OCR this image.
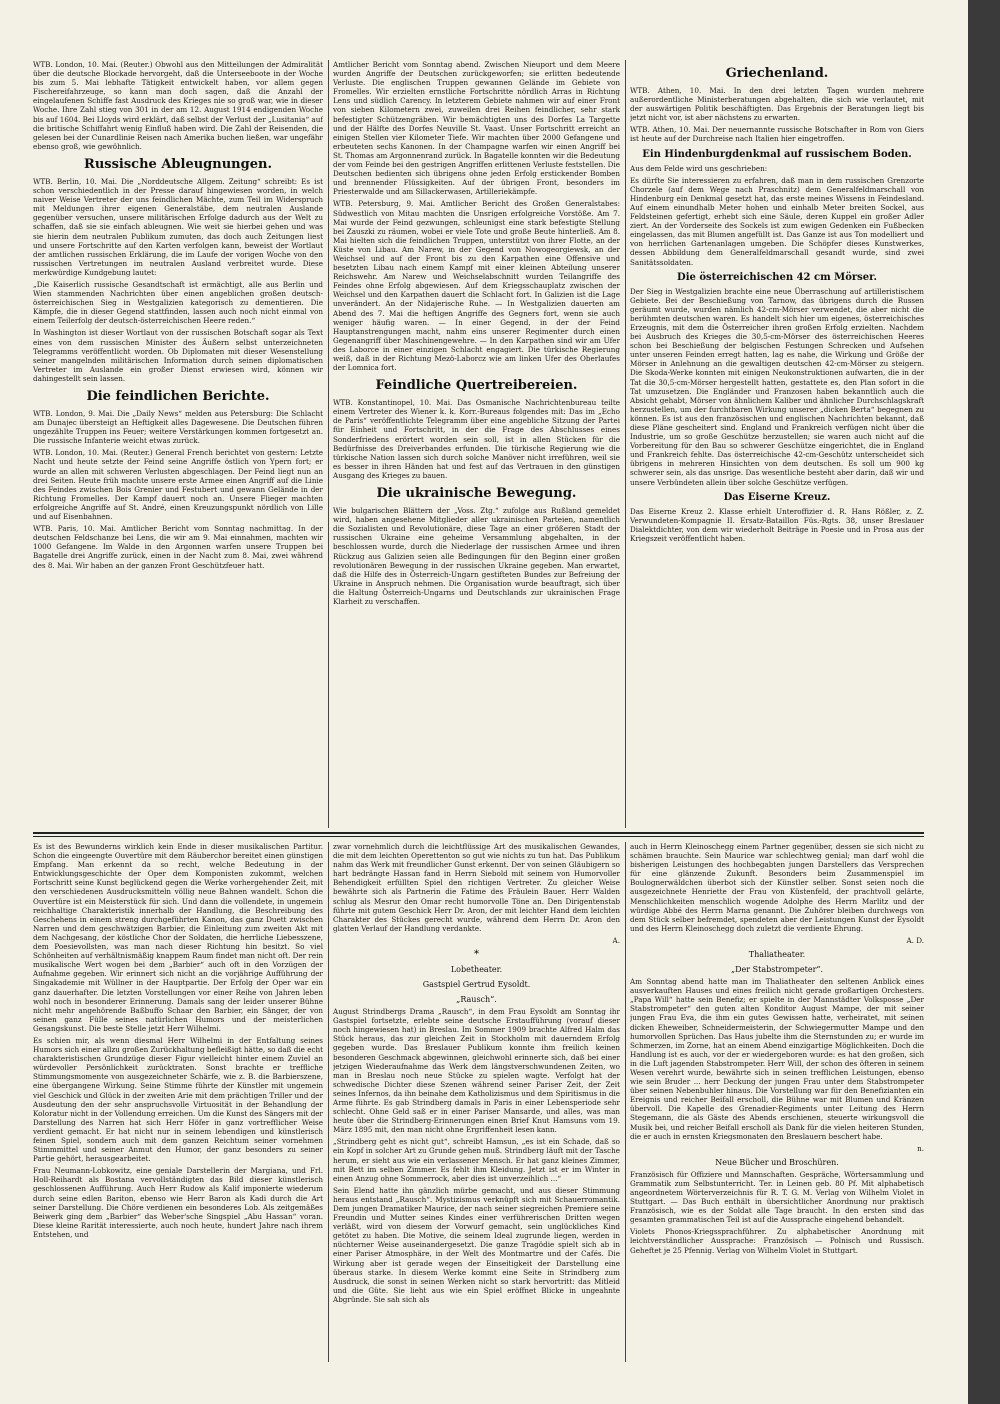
WTB. London, 10. Mai. (Reuter.) Obwohl aus den Mitteilungen der Admiralität über die deutsche Blockade hervorgeht, daß die Unterseeboote in der Woche bis zum 5. Mai lebhafte Tätigkeit entwickelt haben, vor allem gegen Fischereifahrzeuge, so kann man doch sagen, daß die Anzahl der eingelaufenen Schiffe fast Ausdruck des Krieges nie so groß war, wie in dieser Woche. Ihre Zahl stieg von 301 in der am 12. August 1914 endigenden Woche bis auf 1604. Bei Lloyds wird erklärt, daß selbst der Verlust der „Lusitania“ auf die britische Schiffahrt wenig Einfluß haben wird. Die Zahl der Reisenden, die gelesen bei der Cunardlinie Reisen nach Amerika buchen ließen, war ungefähr ebenso groß, wie gewöhnlich.

Russische Ableugnungen.

WTB. Berlin, 10. Mai. Die „Norddeutsche Allgem. Zeitung“ schreibt: Es ist schon verschiedentlich in der Presse darauf hingewiesen worden, in welch naiver Weise Vertreter der uns feindlichen Mächte, zum Teil im Widerspruch mit Meldungen ihrer eigenen Generalstäbe, dem neutralen Auslande gegenüber versuchen, unsere militärischen Erfolge dadurch aus der Welt zu schaffen, daß sie sie einfach ableugnen. Wie weit sie hierbei gehen und was sie hierin dem neutralen Publikum zumuten, das doch auch Zeitungen liest und unsere Fortschritte auf den Karten verfolgen kann, beweist der Wortlaut der amtlichen russischen Erklärung, die im Laufe der vorigen Woche von den russischen Vertretungen im neutralen Ausland verbreitet wurde. Diese merkwürdige Kundgebung lautet:

„Die Kaiserlich russische Gesandtschaft ist ermächtigt, alle aus Berlin und Wien stammenden Nachrichten über einen angeblichen großen deutsch-österreichischen Sieg in Westgalizien kategorisch zu dementieren. Die Kämpfe, die in dieser Gegend stattfinden, lassen auch noch nicht einmal von einem Teilerfolg der deutsch-österreichischen Heere reden.“

In Washington ist dieser Wortlaut von der russischen Botschaft sogar als Text eines von dem russischen Minister des Äußern selbst unterzeichneten Telegramms veröffentlicht worden. Ob Diplomaten mit dieser Wesenstellung seiner mangelnden militärischen Information durch seinen diplomatischen Vertreter im Auslande ein großer Dienst erwiesen wird, können wir dahingestellt sein lassen.

Die feindlichen Berichte.

WTB. London, 9. Mai. Die „Daily News“ melden aus Petersburg: Die Schlacht am Dunajec übersteigt an Heftigkeit alles Dagewesene. Die Deutschen führen ungezählte Truppen ins Feuer; weitere Verstärkungen kommen fortgesetzt an. Die russische Infanterie weicht etwas zurück.

WTB. London, 10. Mai. (Reuter.) General French berichtet von gestern: Letzte Nacht und heute setzte der Feind seine Angriffe östlich von Ypern fort; er wurde an allen mit schweren Verlusten abgeschlagen. Der Feind liegt nun an drei Seiten. Heute früh machte unsere erste Armee einen Angriff auf die Linie des Feindes zwischen Bois Grenier und Festubert und gewann Gelände in der Richtung Fromelles. Der Kampf dauert noch an. Unsere Flieger machten erfolgreiche Angriffe auf St. André, einen Kreuzungspunkt nördlich von Lille und auf Eisenbahnen.

WTB. Paris, 10. Mai. Amtlicher Bericht vom Sonntag nachmittag. In der deutschen Feldschanze bei Lens, die wir am 9. Mai einnahmen, machten wir 1000 Gefangene. Im Walde in den Argonnen warfen unsere Truppen bei Bagatelle drei Angriffe zurück, einen in der Nacht zum 8. Mai, zwei während des 8. Mai. Wir haben an der ganzen Front Geschützfeuer hatt.

Amtlicher Bericht vom Sonntag abend. Zwischen Nieuport und dem Meere wurden Angriffe der Deutschen zurückgeworfen; sie erlitten bedeutende Verluste. Die englischen Truppen gewannen Gelände im Gebiete von Fromelles. Wir erzielten ernstliche Fortschritte nördlich Arras in Richtung Lens und südlich Carency. In letzterem Gebiete nahmen wir auf einer Front von sieben Kilometern zwei, zuweilen drei Reihen feindlicher, sehr stark befestigter Schützengräben. Wir bemächtigten uns des Dorfes La Targette und der Hälfte des Dorfes Neuville St. Vaast. Unser Fortschritt erreicht an einigen Stellen vier Kilometer Tiefe. Wir machten über 2000 Gefangene und erbeuteten sechs Kanonen. In der Champagne warfen wir einen Angriff bei St. Thomas am Argonnenrand zurück. In Bagatelle konnten wir die Bedeutung der vom Feinde bei den gestrigen Angriffen erlittenen Verluste feststellen. Die Deutschen bedienten sich übrigens ohne jeden Erfolg erstickender Bomben und brennender Flüssigkeiten. Auf der übrigen Front, besonders im Priesterwalde und am Sillackerwasen, Artilleriekämpfe.

WTB. Petersburg, 9. Mai. Amtlicher Bericht des Großen Generalstabes: Südwestlich von Mitau machten die Unsrigen erfolgreiche Vorstöße. Am 7. Mai wurde der Feind gezwungen, schleunigst eine stark befestigte Stellung bei Zauszki zu räumen, wobei er viele Tote und große Beute hinterließ. Am 8. Mai hielten sich die feindlichen Truppen, unterstützt von ihrer Flotte, an der Küste von Libau. Am Narew, in der Gegend von Nowogeorgiewsk, an der Weichsel und auf der Front bis zu den Karpathen eine Offensive und besetzten Libau nach einem Kampf mit einer kleinen Abteilung unserer Reichswehr. Am Narew und Weichselabschnitt wurden Teilangriffe des Feindes ohne Erfolg abgewiesen. Auf dem Kriegsschauplatz zwischen der Weichsel und den Karpathen dauert die Schlacht fort. In Galizien ist die Lage unverändert. An der Nidajerische Ruhe. — In Westgalizien dauerten am Abend des 7. Mai die heftigen Angriffe des Gegners fort, wenn sie auch weniger häufig waren. — In einer Gegend, in der der Feind Hauptanstrengungen macht, nahm eins unserer Regimenter durch einen Gegenangriff über Maschinengewehre. — In den Karpathen sind wir am Ufer des Laborce in einer einzigen Schlacht engagiert. Die türkische Regierung weiß, daß in der Richtung Mezö-Laborcz wie am linken Ufer des Oberlaufes der Lomnica fort.

Feindliche Quertreibereien.

WTB. Konstantinopel, 10. Mai. Das Osmanische Nachrichtenbureau teilte einem Vertreter des Wiener k. k. Korr.-Bureaus folgendes mit: Das im „Echo de Paris“ veröffentlichte Telegramm über eine angebliche Sitzung der Partei für Einheit und Fortschritt, in der die Frage des Abschlusses eines Sonderfriedens erörtert worden sein soll, ist in allen Stücken für die Bedürfnisse des Dreiverbandes erfunden. Die türkische Regierung wie die türkische Nation lassen sich durch solche Manöver nicht irreführen, weil sie es besser in ihren Händen hat und fest auf das Vertrauen in den günstigen Ausgang des Krieges zu bauen.

Die ukrainische Bewegung.

Wie bulgarischen Blättern der „Voss. Ztg.“ zufolge aus Rußland gemeldet wird, haben angesehene Mitglieder aller ukrainischen Parteien, namentlich die Sozialisten und Revolutionäre, diese Tage an einer größeren Stadt der russischen Ukraine eine geheime Versammlung abgehalten, in der beschlossen wurde, durch die Niederlage der russischen Armee und ihren Rückzug aus Galizien seien alle Bedingungen für den Beginn einer großen revolutionären Bewegung in der russischen Ukraine gegeben. Man erwartet, daß die Hilfe des in Österreich-Ungarn gestifteten Bundes zur Befreiung der Ukraine in Anspruch nehmen. Die Organisation wurde beauftragt, sich über die Haltung Österreich-Ungarns und Deutschlands zur ukrainischen Frage Klarheit zu verschaffen.

Griechenland.

WTB. Athen, 10. Mai. In den drei letzten Tagen wurden mehrere außerordentliche Ministerberatungen abgehalten, die sich wie verlautet, mit der auswärtigen Politik beschäftigten. Das Ergebnis der Beratungen liegt bis jetzt nicht vor, ist aber nächstens zu erwarten.

WTB. Athen, 10. Mai. Der neuernannte russische Botschafter in Rom von Giers ist heute auf der Durchreise nach Italien hier eingetroffen.

Ein Hindenburgdenkmal auf russischem Boden.

Aus dem Felde wird uns geschrieben:

Es dürfte Sie interessieren zu erfahren, daß man in dem russischen Grenzorte Chorzele (auf dem Wege nach Praschnitz) dem Generalfeldmarschall von Hindenburg ein Denkmal gesetzt hat, das erste meines Wissens in Feindesland. Auf einem einundhalb Meter hohen und einhalb Meter breiten Sockel, aus Feldsteinen gefertigt, erhebt sich eine Säule, deren Kuppel ein großer Adler ziert. An der Vorderseite des Sockels ist zum ewigen Gedenken ein Fußbecken eingelassen, das mit Blumen angefüllt ist. Das Ganze ist aus Ton modelliert und von herrlichen Gartenanlagen umgeben. Die Schöpfer dieses Kunstwerkes, dessen Abbildung dem Generalfeldmarschall gesandt wurde, sind zwei Sanitätssoldaten.

Die österreichischen 42 cm Mörser.

Der Sieg in Westgalizien brachte eine neue Überraschung auf artilleristischem Gebiete. Bei der Beschießung von Tarnow, das übrigens durch die Russen geräumt wurde, wurden nämlich 42-cm-Mörser verwendet, die aber nicht die berühmten deutschen waren. Es handelt sich hier um eigenes, österreichisches Erzeugnis, mit dem die Österreicher ihren großen Erfolg erzielten. Nachdem bei Ausbruch des Krieges die 30,5-cm-Mörser des österreichischen Heeres schon bei Beschießung der belgischen Festungen Schrecken und Aufsehen unter unseren Feinden erregt hatten, lag es nahe, die Wirkung und Größe der Mörser in Anlehnung an die gewaltigen deutschen 42-cm-Mörser zu steigern. Die Skoda-Werke konnten mit einigen Neukonstruktionen aufwarten, die in der Tat die 30,5-cm-Mörser hergestellt hatten, gestattete es, den Plan sofort in die Tat umzusetzen. Die Engländer und Franzosen haben bekanntlich auch die Absicht gehabt, Mörser von ähnlichem Kaliber und ähnlicher Durchschlagskraft herzustellen, um der furchtbaren Wirkung unserer „dicken Berta“ begegnen zu können. Es ist aus den französischen und englischen Nachrichten bekannt, daß diese Pläne gescheitert sind. England und Frankreich verfügen nicht über die Industrie, um so große Geschütze herzustellen; sie waren auch nicht auf die Vorbereitung für den Bau so schwerer Geschütze eingerichtet, die in England und Frankreich fehlte. Das österreichische 42-cm-Geschütz unterscheidet sich übrigens in mehreren Hinsichten von dem deutschen. Es soll um 900 kg schwerer sein, als das unsrige. Das wesentliche besteht aber darin, daß wir und unsere Verbündeten allein über solche Geschütze verfügen.

Das Eiserne Kreuz.

Das Eiserne Kreuz 2. Klasse erhielt Unteroffizier d. R. Hans Rößler, z. Z. Verwundeten-Kompagnie II. Ersatz-Bataillon Füs.-Rgts. 38, unser Breslauer Dialektdichter, von dem wir wiederholt Beiträge in Poesie und in Prosa aus der Kriegszeit veröffentlicht haben.

Es ist des Bewunderns wirklich kein Ende in dieser musikalischen Partitur. Schon die eingeengte Ouvertüre mit dem Räuberchor bereitet einen günstigen Empfang. Man erkennt da so recht, welche Bedeutung in der Entwicklungsgeschichte der Oper dem Komponisten zukommt, welchen Fortschritt seine Kunst beglückend gegen die Werke vorhergehender Zeit, mit den verschiedenen Ausdrucksmitteln völlig neue Bahnen wandelt. Schon die Ouvertüre ist ein Meisterstück für sich. Und dann die vollendete, in ungemein reichhaltige Charakteristik innerhalb der Handlung, die Beschreibung des Geschehens in einem streng durchgeführten Kanon, das ganz Duett zwischen Narren und dem geschwätzigen Barbier, die Einleitung zum zweiten Akt mit dem Nachgesang, der köstliche Chor der Soldaten, die herrliche Liebesszene, dem Poesievollsten, was man nach dieser Richtung hin besitzt. So viel Schönheiten auf verhältnismäßig knappem Raum findet man nicht oft. Der rein musikalische Wert wogen bei dem „Barbier“ auch oft in den Vorzügen der Aufnahme gegeben. Wir erinnert sich nicht an die vorjährige Aufführung der Singakademie mit Wüllner in der Hauptpartie. Der Erfolg der Oper war ein ganz dauerhafter. Die letzten Vorstellungen vor einer Reihe von Jahren leben wohl noch in besonderer Erinnerung. Damals sang der leider unserer Bühne nicht mehr angehörende Baßbuffo Schaar den Barbier, ein Sänger, der von seinen ganz Fülle seines natürlichen Humors und der meisterlichen Gesangskunst. Die beste Stelle jetzt Herr Wilhelmi.

Es schien mir, als wenn diesmal Herr Wilhelmi in der Entfaltung seines Humors sich einer allzu großen Zurückhaltung befleißigt hätte, so daß die echt charakteristischen Grundzüge dieser Figur vielleicht hinter einem Zuviel an würdevoller Persönlichkeit zurücktraten. Sonst brachte er treffliche Stimmungsmomente von ausgezeichneter Schärfe, wie z. B. die Barbierszene, eine übergangene Wirkung. Seine Stimme führte der Künstler mit ungemein viel Geschick und Glück in der zweiten Arie mit dem prächtigen Triller und der Ausdeutung den der sehr anspruchsvolle Virtuosität in der Behandlung der Koloratur nicht in der Vollendung erreichen. Um die Kunst des Sängers mit der Darstellung des Narren hat sich Herr Höfer in ganz vortrefflicher Weise verdient gemacht. Er hat nicht nur in seinem lebendigen und künstlerisch feinen Spiel, sondern auch mit dem ganzen Reichtum seiner vornehmen Stimmmittel und seiner Anmut den Humor, der ganz besonders zu seiner Partie gehört, herausgearbeitet.

Frau Neumann-Lobkowitz, eine geniale Darstellerin der Margiana, und Frl. Holl-Reihardt als Bostana vervollständigten das Bild dieser künstlerisch geschlossenen Aufführung. Auch Herr Rudow als Kalif imponierte wiederum durch seine edlen Bariton, ebenso wie Herr Baron als Kadi durch die Art seiner Darstellung. Die Chöre verdienen ein besonderes Lob. Als zeitgemäßes Beiwerk ging dem „Barbier“ das Weber'sche Singspiel „Abu Hassan“ voran. Diese kleine Rarität interessierte, auch noch heute, hundert Jahre nach ihrem Entstehen, und

zwar vornehmlich durch die leichtflüssige Art des musikalischen Gewandes, die mit dem leichten Operettenton so gut wie nichts zu tun hat. Das Publikum nahm das Werk mit freundlicher Gunst erkennt. Der von seinen Gläubigern so hart bedrängte Hassan fand in Herrn Siebold mit seinem von Humorvoller Behendigkeit erfüllten Spiel den richtigen Vertreter. Zu gleicher Weise bewährte sich als Partnerin die Fatime des Fräulein Bauer. Herr Walden schlug als Mesrur den Omar recht humorvolle Töne an. Den Dirigentenstab führte mit gutem Geschick Herr Dr. Aron, der mit leichter Hand dem leichten Charakter des Stückes gerecht wurde, während dem Herrn Dr. Aron den glatten Verlauf der Handlung verdankte.

A.

*
Lobetheater.
Gastspiel Gertrud Eysoldt.
„Rausch“.

August Strindbergs Drama „Rausch“, in dem Frau Eysoldt am Sonntag ihr Gastspiel fortsetzte, erlebte seine deutsche Erstaufführung (vorauf dieser noch hingewiesen hat) in Breslau. Im Sommer 1909 brachte Alfred Halm das Stück heraus, das zur gleichen Zeit in Stockholm mit dauerndem Erfolg gegeben wurde. Das Breslauer Publikum konnte ihm freilich keinen besonderen Geschmack abgewinnen, gleichwohl erinnerte sich, daß bei einer jetzigen Wiederaufnahme das Werk dem längstverschwundenen Zeiten, wo man in Breslau noch neue Stücke zu spielen wagte. Verfolgt hat der schwedische Dichter diese Szenen während seiner Pariser Zeit, der Zeit seines Infernos, da ihn beinahe dem Katholizismus und dem Spiritismus in die Arme führte. Es gab Strindberg damals in Paris in einer Lebensperiode sehr schlecht. Ohne Geld saß er in einer Pariser Mansarde, und alles, was man heute über die Strindberg-Erinnerungen einen Brief Knut Hamsuns vom 19. März 1895 mit, den man nicht ohne Ergriffenheit lesen kann.

„Strindberg geht es nicht gut“, schreibt Hamsun, „es ist ein Schade, daß so ein Kopf in solcher Art zu Grunde gehen muß. Strindberg läuft mit der Tasche herum, er sieht aus wie ein verlassener Mensch. Er hat ganz kleines Zimmer, mit Bett im selben Zimmer. Es fehlt ihm Kleidung. Jetzt ist er im Winter in einen Anzug ohne Sommerrock, aber dies ist unverzeihlich ...“

Sein Elend hatte ihn gänzlich mürbe gemacht, und aus dieser Stimmung heraus entstand „Rausch“. Mystizismus verknüpft sich mit Schauerromantik. Dem jungen Dramatiker Maurice, der nach seiner siegreichen Premiere seine Freundin und Mutter seines Kindes einer verführerischen Dritten wegen verläßt, wird von diesem der Vorwurf gemacht, sein unglückliches Kind getötet zu haben. Die Motive, die seinem Ideal zugrunde liegen, werden in nüchterner Weise auseinandergesetzt. Die ganze Tragödie spielt sich ab in einer Pariser Atmosphäre, in der Welt des Montmartre und der Cafés. Die Wirkung aber ist gerade wegen der Einseitigkeit der Darstellung eine überaus starke. In diesem Werke kommt eine Seite in Strindberg zum Ausdruck, die sonst in seinen Werken nicht so stark hervortritt: das Mitleid und die Güte. Sie lieht aus wie ein Spiel eröffnet Blicke in ungeahnte Abgründe. Sie sah sich als

auch in Herrn Kleinoschegg einem Partner gegenüber, dessen sie sich nicht zu schämen brauchte. Sein Maurice war schlechtweg genial; man darf wohl die bisherigen Leistungen des hochbegabten jungen Darstellers das Versprechen für eine glänzende Zukunft. Besonders beim Zusammenspiel im Boulognerwäldchen überbot sich der Künstler selber. Sonst seien noch die ausgezeichnete Henriette der Frau von Küstenfeld, der prachtvoll gelärte, Menschlichkeiten menschlich wogende Adolphe des Herrn Marlitz und der würdige Abbé des Herrn Marna genannt. Die Zuhörer bleiben durchwegs von dem Stück selber befremdet, spendeten aber der Leistungen Kunst der Eysoldt und des Herrn Kleinoschegg doch zuletzt die verdiente Ehrung.

A. D.

Thaliatheater.
„Der Stabstrompeter“.

Am Sonntag abend hatte man im Thaliatheater den seltenen Anblick eines ausverkauften Hauses und eines freilich nicht gerade großartigen Orchesters. „Papa Will“ hatte sein Benefiz; er spielte in der Mannstädter Volksposse „Der Stabstrompeter“ den guten alten Konditor August Mampe, der mit seiner jungen Frau Eva, die ihm ein gutes Gewissen hatte, verheiratet, mit seinen dicken Eheweiber, Schneidermeisterin, der Schwiegermutter Mampe und den humorvollen Sprüchen. Das Haus jubelte ihm die Sternstunden zu; er wurde im Schmerzen, im Zorne, hat an einem Abend einzigartige Möglichkeiten. Doch die Handlung ist es auch, vor der er wiedergeboren wurde: es hat den großen, sich in die Luft jagenden Stabstrompeter. Herr Will, der schon des öfteren in seinem Wesen verehrt wurde, bewährte sich in seinen trefflichen Leistungen, ebenso wie sein Bruder ... herr Deckung der jungen Frau unter dem Stabstrompeter über seinen Nebenbuhler hinaus. Die Vorstellung war für den Benefizianten ein Ereignis und reicher Beifall erscholl, die Bühne war mit Blumen und Kränzen übervoll. Die Kapelle des Grenadier-Regiments unter Leitung des Herrn Stegemann, die als Gäste des Abends erschienen, steuerte wirkungsvoll die Musik bei, und reicher Beifall erscholl als Dank für die vielen heiteren Stunden, die er auch in ernsten Kriegsmonaten den Breslauern beschert habe.

n.

Neue Bücher und Broschüren.

Französisch für Offiziere und Mannschaften. Gespräche, Wörtersammlung und Grammatik zum Selbstunterricht. Ter. in Leinen geb. 80 Pf. Mit alphabetisch angeordnetem Wörterverzeichnis für R. T. G. M. Verlag von Wilhelm Violet in Stuttgart. — Das Buch enthält in übersichtlicher Anordnung nur praktisch Französisch, wie es der Soldat alle Tage braucht. In den ersten sind das gesamten grammatischen Teil ist auf die Aussprache eingehend behandelt.

Violets Phonos-Kriegssprachführer. Zu alphabetischer Anordnung mit leichtverständlicher Aussprache: Französisch — Polnisch und Russisch. Geheftet je 25 Pfennig. Verlag von Wilhelm Violet in Stuttgart.
